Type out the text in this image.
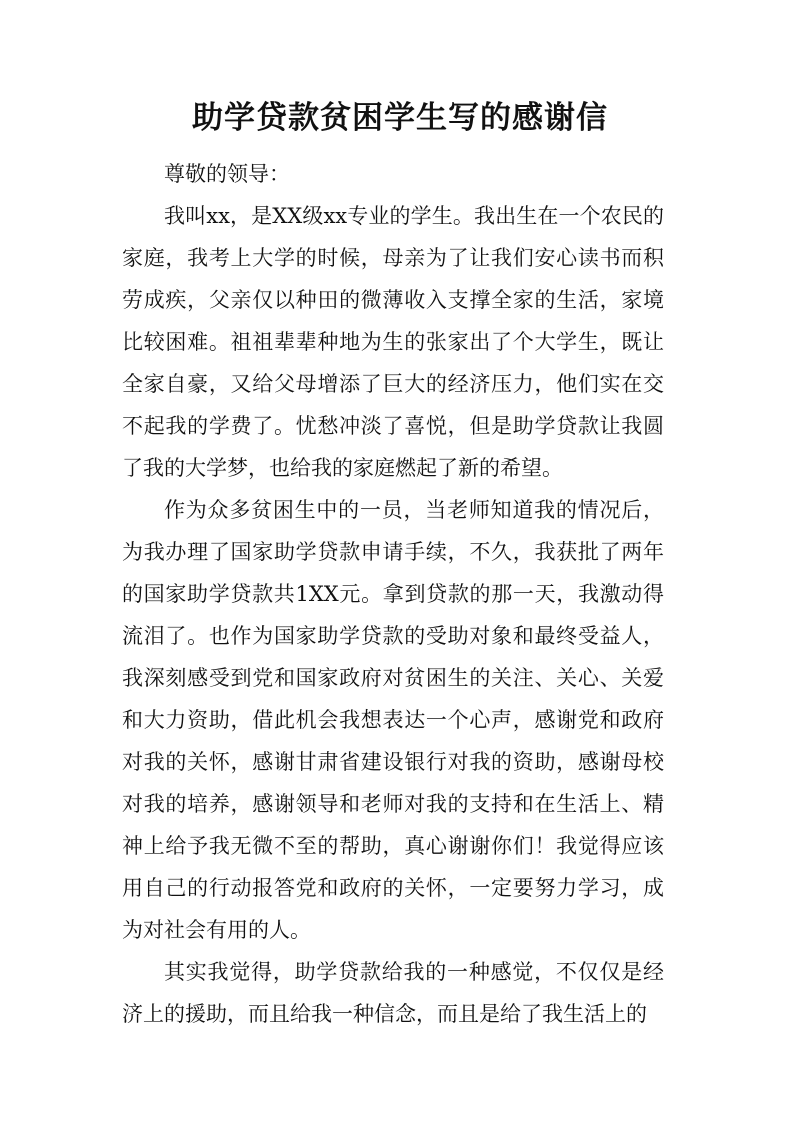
助学贷款贫困学生写的感谢信

尊敬的领导：

我叫xx，是XX级xx专业的学生。我出生在一个农民的家庭，我考上大学的时候，母亲为了让我们安心读书而积劳成疾，父亲仅以种田的微薄收入支撑全家的生活，家境比较困难。祖祖辈辈种地为生的张家出了个大学生，既让全家自豪，又给父母增添了巨大的经济压力，他们实在交不起我的学费了。忧愁冲淡了喜悦，但是助学贷款让我圆了我的大学梦，也给我的家庭燃起了新的希望。

作为众多贫困生中的一员，当老师知道我的情况后，为我办理了国家助学贷款申请手续，不久，我获批了两年的国家助学贷款共1XX元。拿到贷款的那一天，我激动得流泪了。也作为国家助学贷款的受助对象和最终受益人，我深刻感受到党和国家政府对贫困生的关注、关心、关爱和大力资助，借此机会我想表达一个心声，感谢党和政府对我的关怀，感谢甘肃省建设银行对我的资助，感谢母校对我的培养，感谢领导和老师对我的支持和在生活上、精神上给予我无微不至的帮助，真心谢谢你们！我觉得应该用自己的行动报答党和政府的关怀，一定要努力学习，成为对社会有用的人。

其实我觉得，助学贷款给我的一种感觉，不仅仅是经济上的援助，而且给我一种信念，而且是给了我生活上的
